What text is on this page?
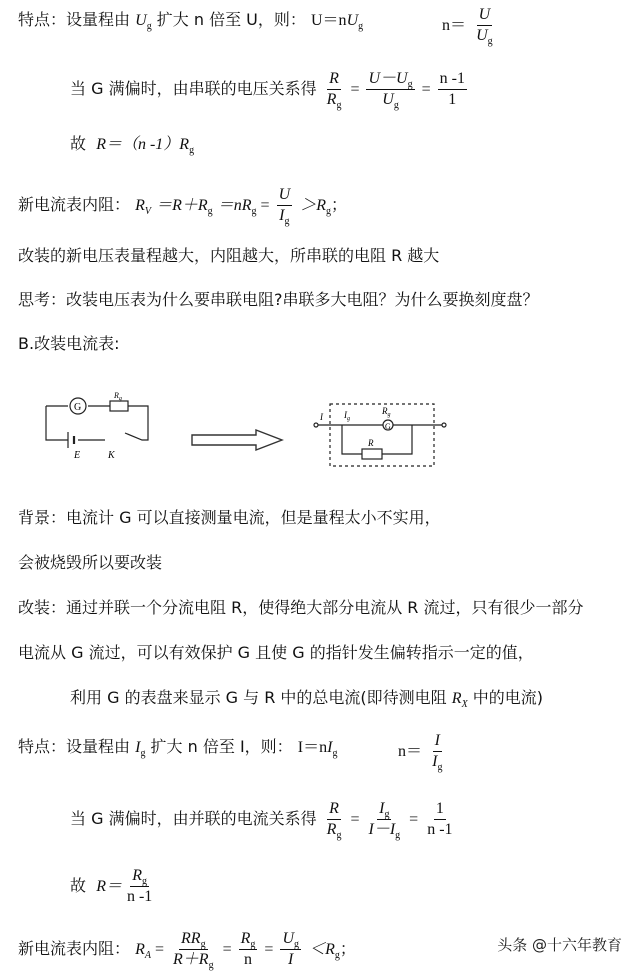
特点：设量程由 $U_g$ 扩大 n 倍至 U，则： $U=nU_g$	$n= \frac{U}{U_g}$
当 G 满偏时，由串联的电压关系得 $\frac{R}{R_g} = \frac{U-U_g}{U_g} = \frac{n -1}{1}$
故 R＝（n $-1)R_g$
新电流表内阻： $R_V =R+R_g =nR_g = \frac{U}{I_g} >R_g$；
改装的新电压表量程越大，内阻越大，所串联的电阻 R 越大
思考：改装电压表为什么要串联电阻?串联多大电阻？为什么要换刻度盘？
B.改装电流表:
G
$R_g$
E	K
G
I $I_g$
$R_g$
R
背景：电流计 G 可以直接测量电流，但是量程太小不实用，
会被烧毁所以要改装
改装：通过并联一个分流电阻 R，使得绝大部分电流从 R 流过，只有很少一部分
电流从 G 流过，可以有效保护 G 且使 G 的指针发生偏转指示一定的值，
利用 G 的表盘来显示 G 与 R 中的总电流(即待测电阻 $R_X$ 中的电流)
特点：设量程由 $I_g$ 扩大 n 倍至 I，则： $I=nI_g$	$n= \frac{I}{I_g}$
当 G 满偏时，由并联的电流关系得 $\frac{R}{R_g} = \frac{I_g}{I-I_g} = \frac{1}{n -1}$
故 $R= \frac{R_g}{n -1}$
新电流表内阻： $R_A = \frac{RR_g}{R+R_g} = \frac{R_g}{n} = \frac{U_g}{I} <R_g$；	头条 @十六年教育
